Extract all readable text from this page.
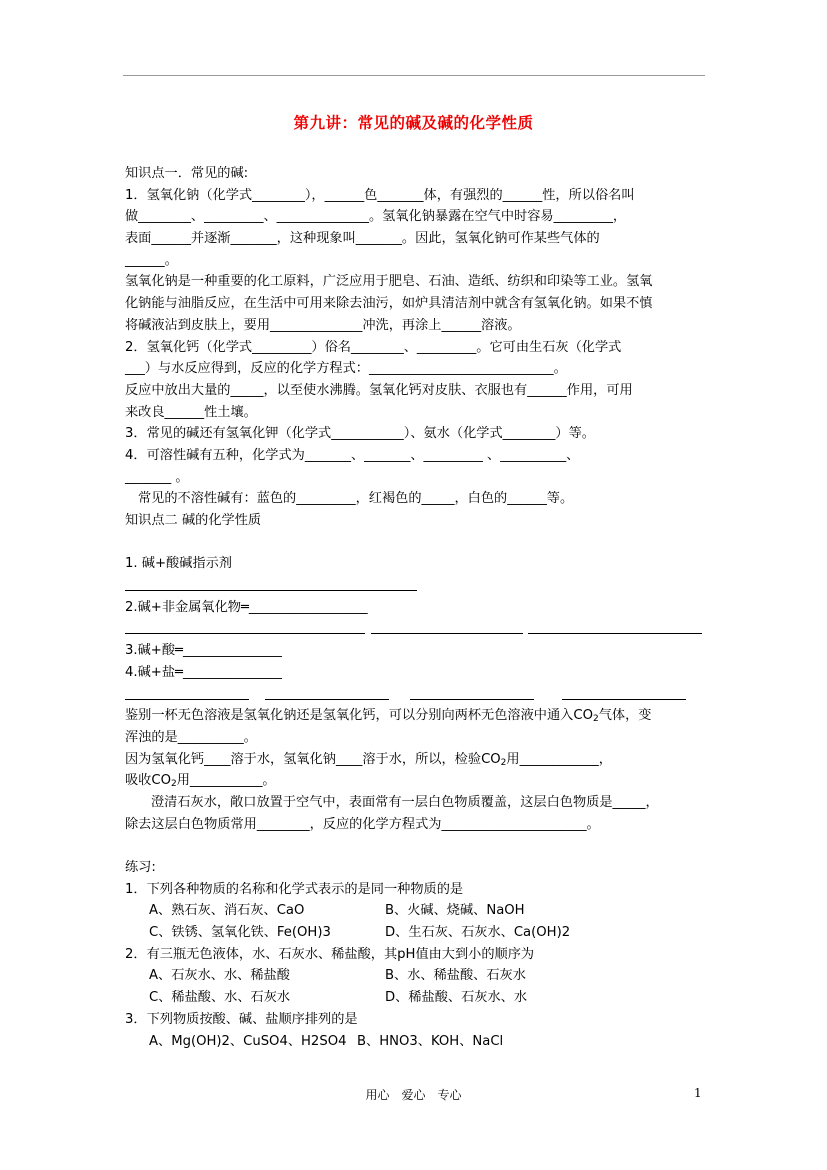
第九讲：常见的碱及碱的化学性质
知识点一．常见的碱:
1．氢氧化钠（化学式________），______色_______体，有强烈的______性，所以俗名叫
做________、_________、______________。氢氧化钠暴露在空气中时容易_________，
表面______并逐渐_______，这种现象叫_______。因此，氢氧化钠可作某些气体的
______。
氢氧化钠是一种重要的化工原料，广泛应用于肥皂、石油、造纸、纺织和印染等工业。氢氧
化钠能与油脂反应，在生活中可用来除去油污，如炉具清洁剂中就含有氢氧化钠。如果不慎
将碱液沾到皮肤上，要用______________冲洗，再涂上______溶液。
2．氢氧化钙（化学式_________）俗名________、_________。它可由生石灰（化学式
___）与水反应得到，反应的化学方程式：____________________________。
反应中放出大量的_____，以至使水沸腾。氢氧化钙对皮肤、衣服也有______作用，可用
来改良______性土壤。
3．常见的碱还有氢氧化钾（化学式___________）、氨水（化学式________）等。
4．可溶性碱有五种，化学式为_______、_______、_________ 、__________、
_______ 。
常见的不溶性碱有：蓝色的_________，红褐色的_____，白色的______等。
知识点二 碱的化学性质
1. 碱+酸碱指示剂
2.碱+非金属氧化物═__________________
3.碱+酸═_______________
4.碱+盐═_______________
鉴别一杯无色溶液是氢氧化钠还是氢氧化钙，可以分别向两杯无色溶液中通入$CO_2$气体，变
浑浊的是__________。
因为氢氧化钙____溶于水，氢氧化钠____溶于水，所以，检验$CO_2$用____________，
吸收$CO_2$用___________。
澄清石灰水，敞口放置于空气中，表面常有一层白色物质覆盖，这层白色物质是_____，
除去这层白色物质常用________，反应的化学方程式为______________________。
练习:
1．下列各种物质的名称和化学式表示的是同一种物质的是
A、熟石灰、消石灰、CaO	B、火碱、烧碱、NaOH
C、铁锈、氢氧化铁、Fe(OH)3	D、生石灰、石灰水、Ca(OH)2
2．有三瓶无色液体，水、石灰水、稀盐酸，其pH值由大到小的顺序为
A、石灰水、水、稀盐酸	B、水、稀盐酸、石灰水
C、稀盐酸、水、石灰水	D、稀盐酸、石灰水、水
3．下列物质按酸、碱、盐顺序排列的是
A、Mg(OH)2、CuSO4、H2SO4 B、HNO3、KOH、NaCl
用心　爱心　专心	1
